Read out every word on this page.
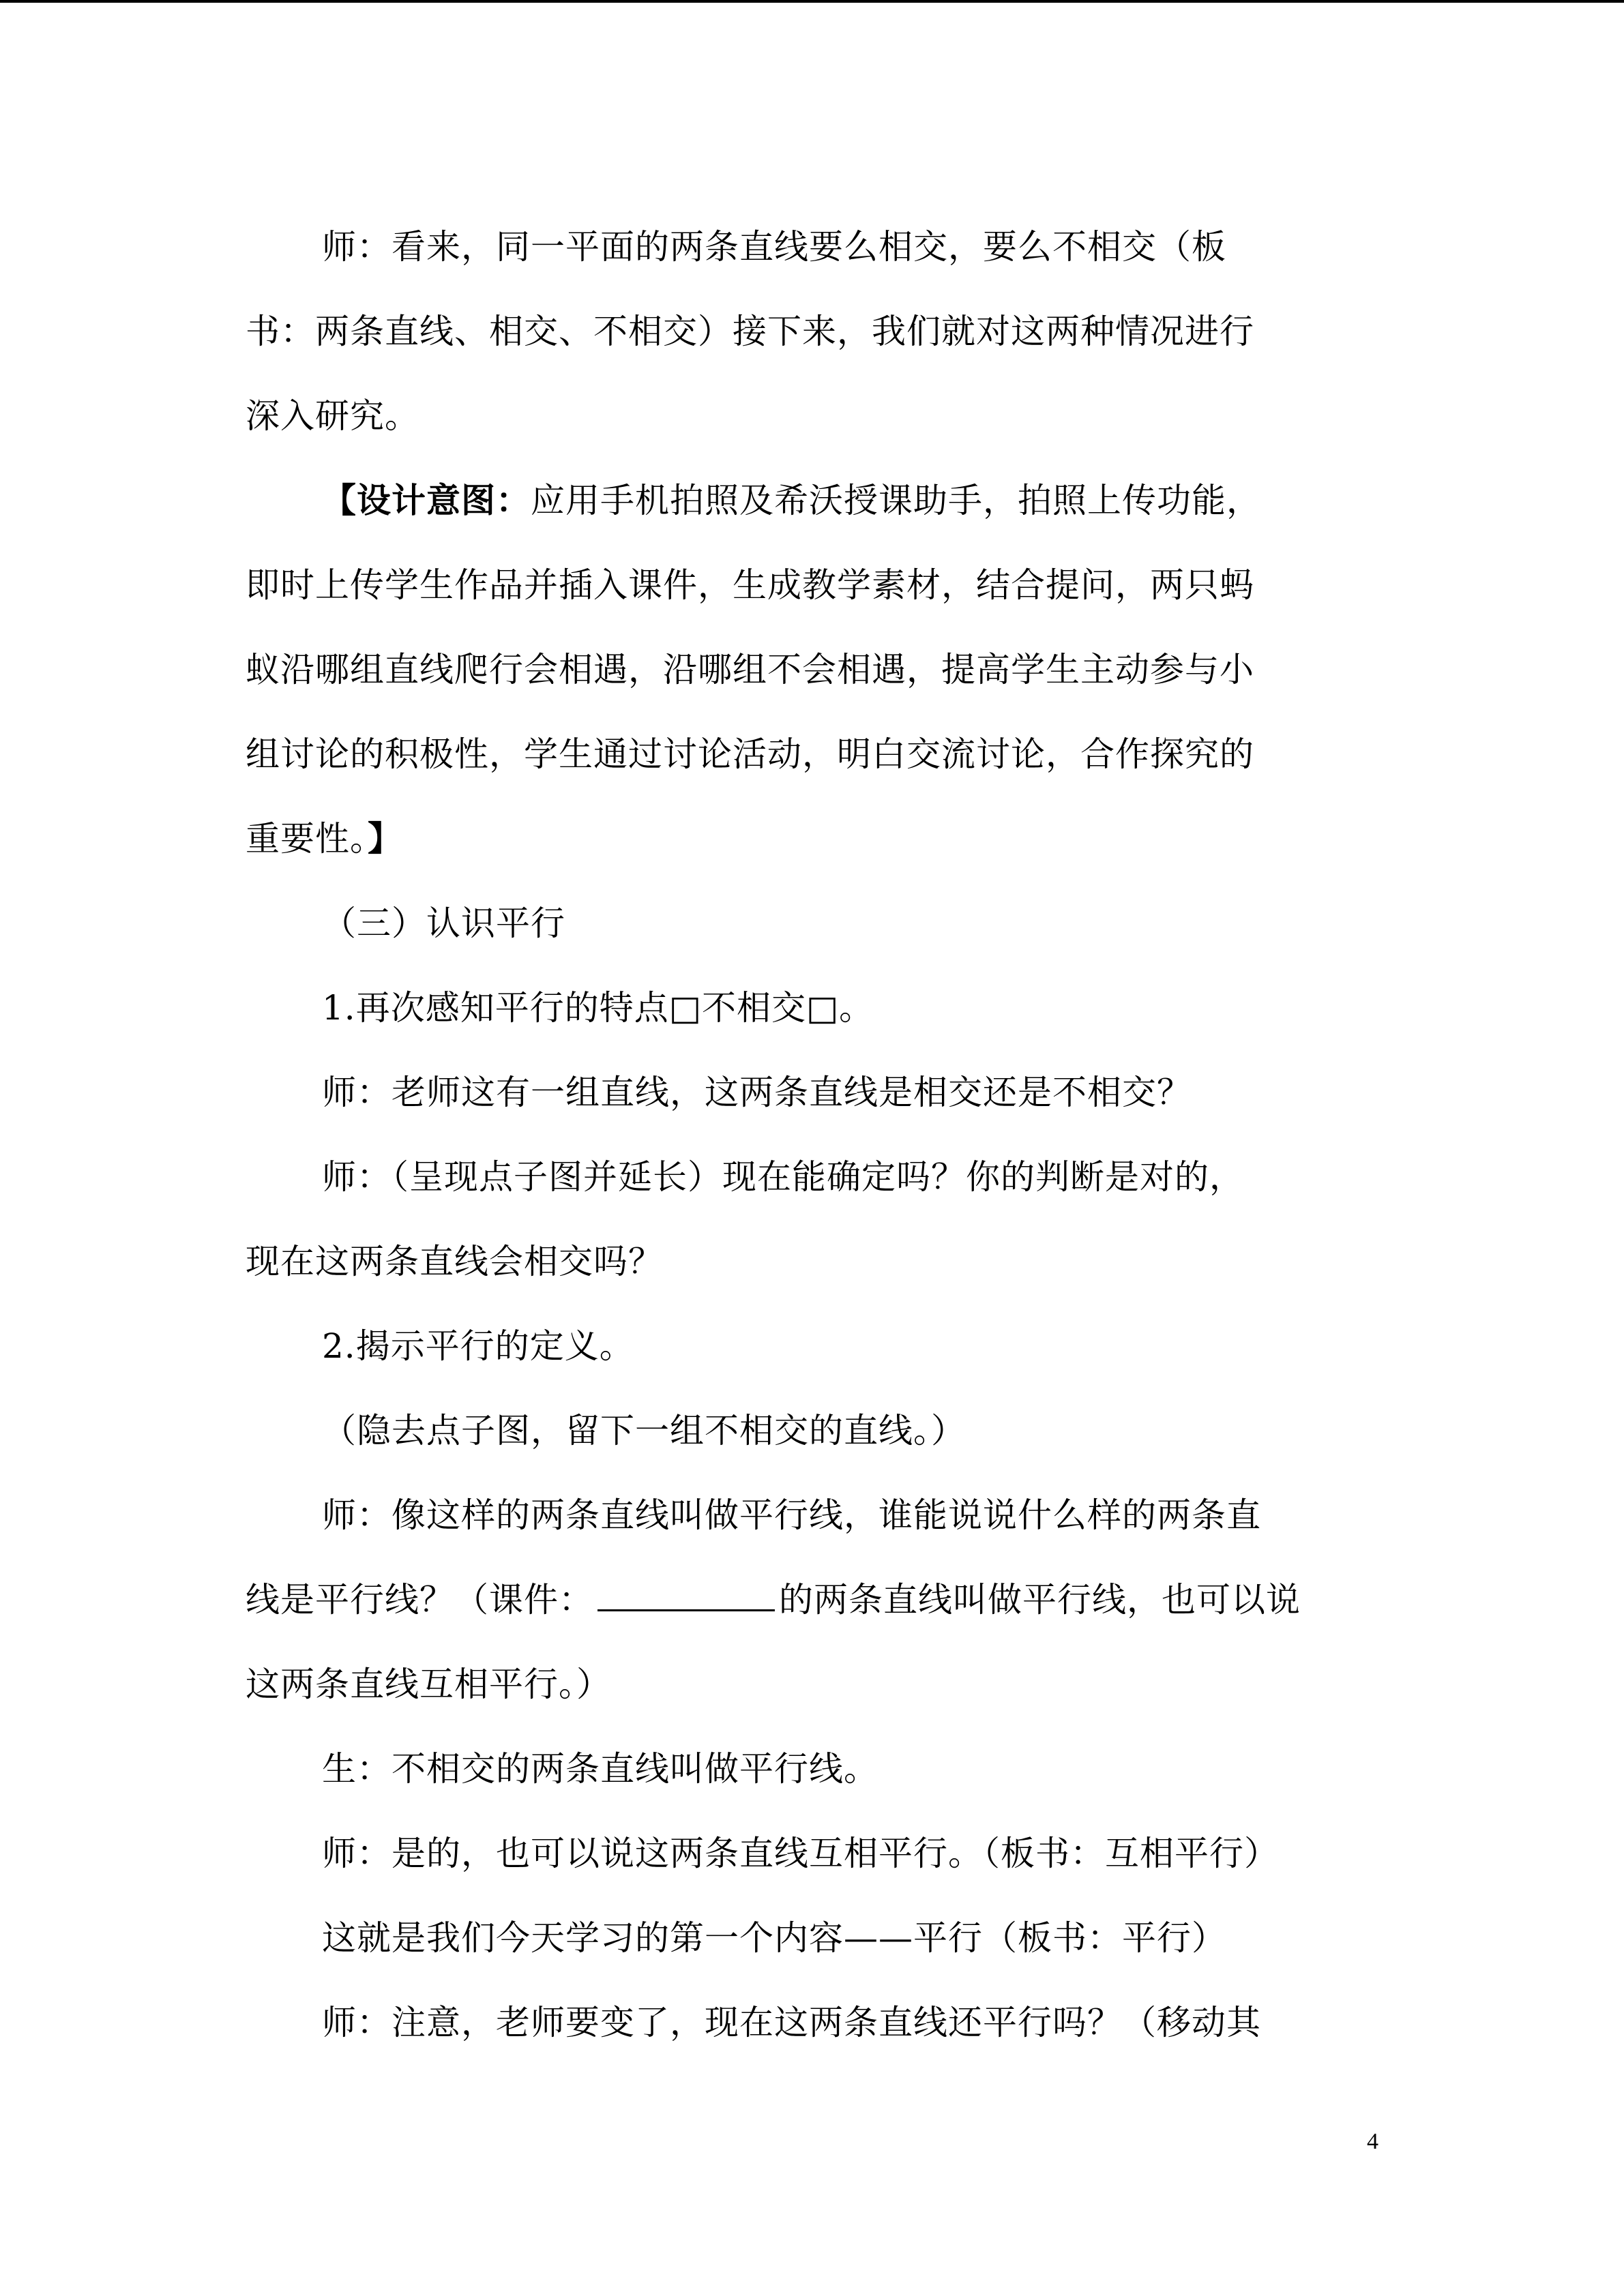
师：看来，同一平面的两条直线要么相交，要么不相交（板

书：两条直线、相交、不相交）接下来，我们就对这两种情况进行

深入研究。

【设计意图：应用手机拍照及希沃授课助手，拍照上传功能，

即时上传学生作品并插入课件，生成教学素材，结合提问，两只蚂

蚁沿哪组直线爬行会相遇，沿哪组不会相遇，提高学生主动参与小

组讨论的积极性，学生通过讨论活动，明白交流讨论，合作探究的

重要性。】

（三）认识平行

1.再次感知平行的特点□不相交□。

师：老师这有一组直线，这两条直线是相交还是不相交？

师：（呈现点子图并延长）现在能确定吗？你的判断是对的，

现在这两条直线会相交吗？

2.揭示平行的定义。

（隐去点子图，留下一组不相交的直线。）

师：像这样的两条直线叫做平行线，谁能说说什么样的两条直

线是平行线？（课件：	的两条直线叫做平行线，也可以说

这两条直线互相平行。）

生：不相交的两条直线叫做平行线。

师：是的，也可以说这两条直线互相平行。（板书：互相平行）

这就是我们今天学习的第一个内容——平行（板书：平行）

师：注意，老师要变了，现在这两条直线还平行吗？（移动其

4
